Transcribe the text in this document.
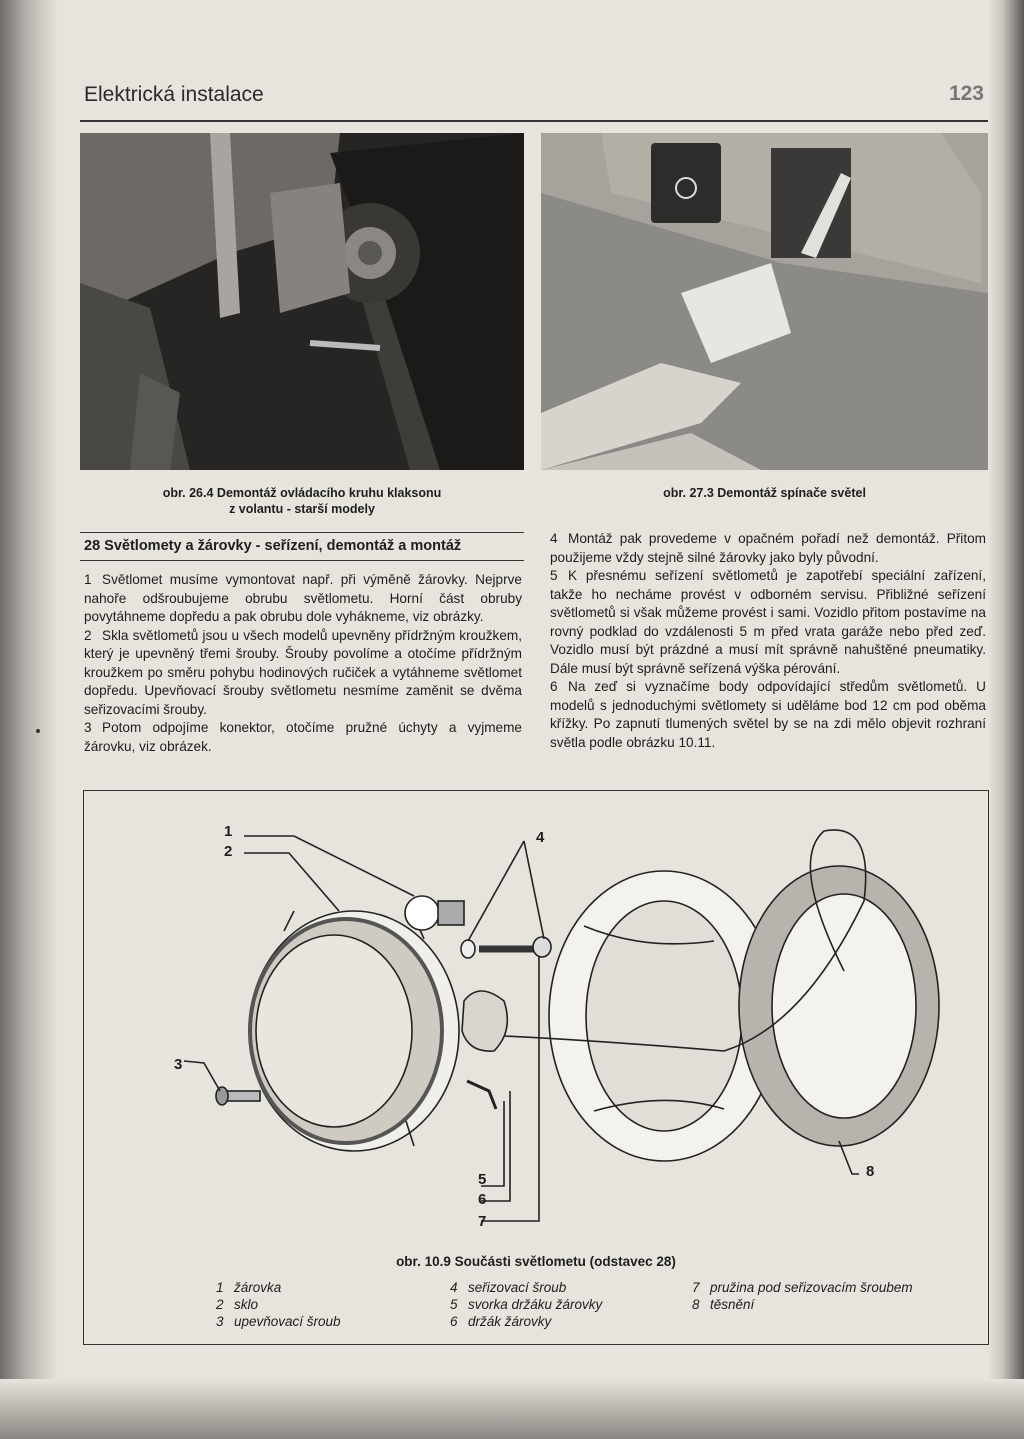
Elektrická instalace	123
obr. 26.4 Demontáž ovládacího kruhu klaksonu
z volantu - starší modely
obr. 27.3 Demontáž spínače světel
28 Světlomety a žárovky - seřízení, demontáž a montáž

1 Světlomet musíme vymontovat např. při výměně žárovky. Nejprve nahoře odšroubujeme obrubu světlometu. Horní část obruby povytáhneme dopředu a pak obrubu dole vyhákneme, viz obrázky.

2 Skla světlometů jsou u všech modelů upevněny přídržným kroužkem, který je upevněný třemi šrouby. Šrouby povolíme a otočíme přídržným kroužkem po směru pohybu hodinových ručiček a vytáhneme světlomet dopředu. Upevňovací šrouby světlometu nesmíme zaměnit se dvěma seřizovacími šrouby.

3 Potom odpojíme konektor, otočíme pružné úchyty a vyjmeme žárovku, viz obrázek.

4 Montáž pak provedeme v opačném pořadí než demontáž. Přitom použijeme vždy stejně silné žárovky jako byly původní.

5 K přesnému seřízení světlometů je zapotřebí speciální zařízení, takže ho necháme provést v odborném servisu. Přibližné seřízení světlometů si však můžeme provést i sami. Vozidlo přitom postavíme na rovný podklad do vzdálenosti 5 m před vrata garáže nebo před zeď. Vozidlo musí být prázdné a musí mít správně nahuštěné pneumatiky. Dále musí být správně seřízená výška pérování.

6 Na zeď si vyznačíme body odpovídající středům světlometů. U modelů s jednoduchými světlomety si uděláme bod 12 cm pod oběma křížky. Po zapnutí tlumených světel by se na zdi mělo objevit rozhraní světla podle obrázku 10.11.

1
2
3
4
5
6
7
8
obr. 10.9 Součásti světlometu (odstavec 28)
1 žárovka
2 sklo
3 upevňovací šroub
4 seřizovací šroub
5 svorka držáku žárovky
6 držák žárovky
7 pružina pod seřizovacím šroubem
8 těsnění
